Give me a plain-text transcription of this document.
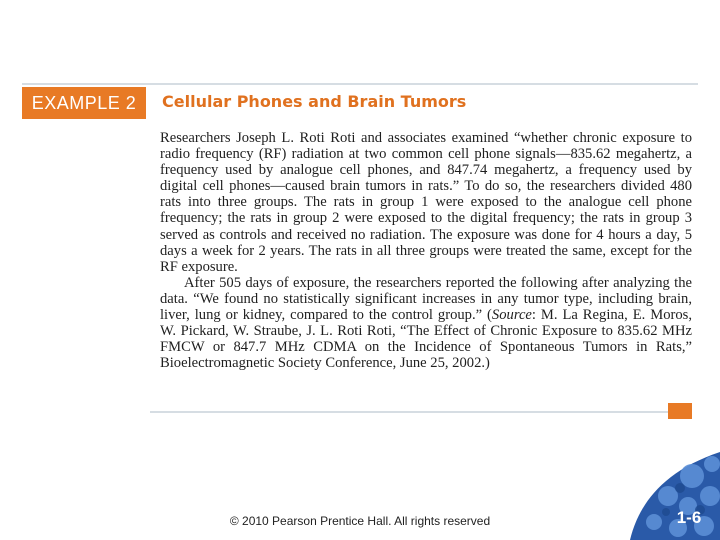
EXAMPLE 2	Cellular Phones and Brain Tumors

Researchers Joseph L. Roti Roti and associates examined “whether chronic exposure to radio frequency (RF) radiation at two common cell phone signals—835.62 megahertz, a frequency used by analogue cell phones, and 847.74 megahertz, a frequency used by digital cell phones—caused brain tumors in rats.” To do so, the researchers divided 480 rats into three groups. The rats in group 1 were exposed to the analogue cell phone frequency; the rats in group 2 were exposed to the digital frequency; the rats in group 3 served as controls and received no radiation. The exposure was done for 4 hours a day, 5 days a week for 2 years. The rats in all three groups were treated the same, except for the RF exposure.

After 505 days of exposure, the researchers reported the following after analyzing the data. “We found no statistically significant increases in any tumor type, including brain, liver, lung or kidney, compared to the control group.” (Source: M. La Regina, E. Moros, W. Pickard, W. Straube, J. L. Roti Roti, “The Effect of Chronic Exposure to 835.62 MHz FMCW or 847.7 MHz CDMA on the Incidence of Spontaneous Tumors in Rats,” Bioelectromagnetic Society Conference, June 25, 2002.)

© 2010 Pearson Prentice Hall. All rights reserved	1-6
